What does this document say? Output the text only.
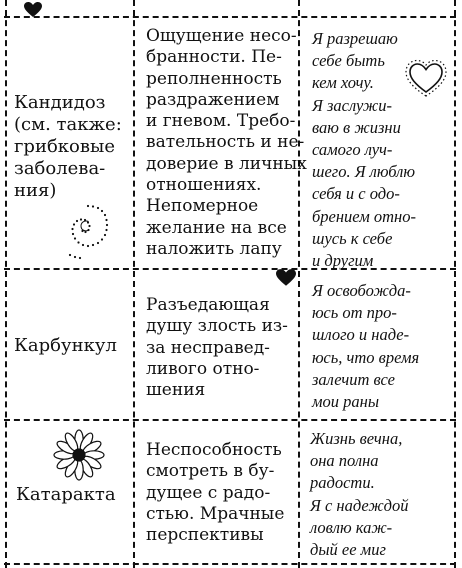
Кандидоз
(см. также:
грибковые
заболева-
ния)
Ощущение несо-
бранности. Пе-
реполненность
раздражением
и гневом. Требо-
вательность и не-
доверие в личных
отношениях.
Непомерное
желание на все
наложить лапу
Я разрешаю
себе быть
кем хочу.
Я заслужи-
ваю в жизни
самого луч-
шего. Я люблю
себя и с одо-
брением отно-
шусь к себе
и другим
Карбункул
Разъедающая
душу злость из-
за несправед-
ливого отно-
шения
Я освобожда-
юсь от про-
шлого и наде-
юсь, что время
залечит все
мои раны
Катаракта
Неспособность
смотреть в бу-
дущее с радо-
стью. Мрачные
перспективы
Жизнь вечна,
она полна
радости.
Я с надеждой
ловлю каж-
дый ее миг
